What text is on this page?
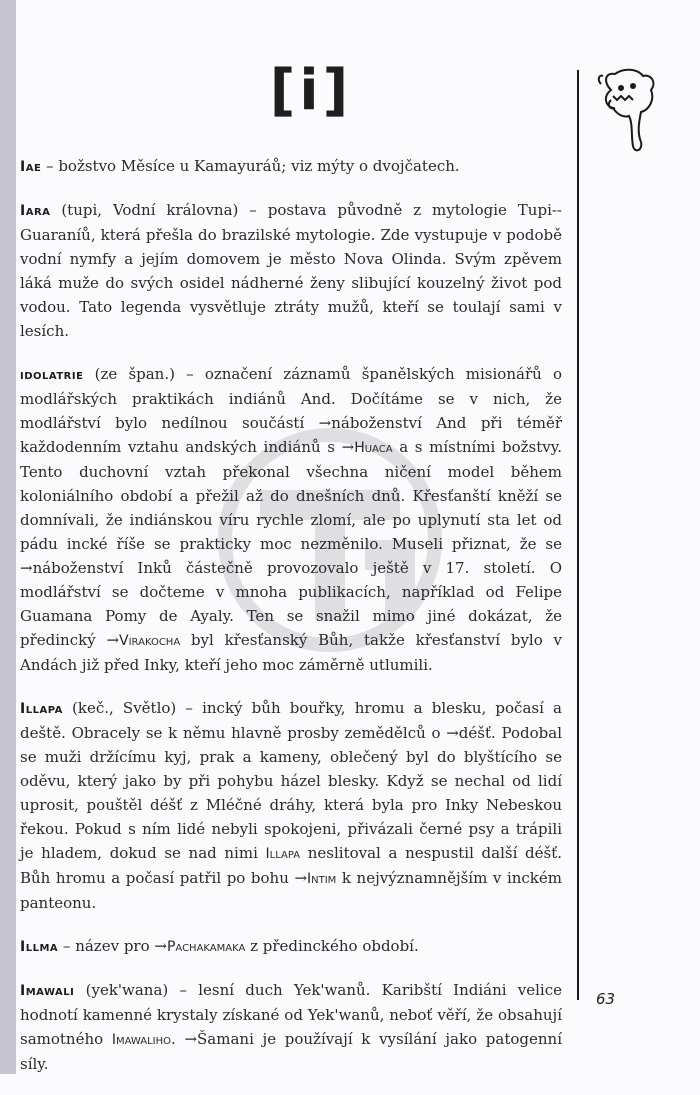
[i]

Iae – božstvo Měsíce u Kamayuráů; viz mýty o dvojčatech.

Iara (tupi, Vodní královna) – postava původně z mytologie Tupi--Guaraníů, která přešla do brazilské mytologie. Zde vystupuje v podobě vodní nymfy a jejím domovem je město Nova Olinda. Svým zpěvem láká muže do svých osidel nádherné ženy slibující kouzelný život pod vodou. Tato legenda vysvětluje ztráty mužů, kteří se toulají sami v lesích.

idolatrie (ze špan.) – označení záznamů španělských misionářů o modlářských praktikách indiánů And. Dočítáme se v nich, že modlářství bylo nedílnou součástí →náboženství And při téměř každodenním vztahu andských indiánů s →Huaca a s místními božstvy. Tento duchovní vztah překonal všechna ničení model během koloniálního období a přežil až do dnešních dnů. Křesťanští kněží se domnívali, že indiánskou víru rychle zlomí, ale po uplynutí sta let od pádu incké říše se prakticky moc nezměnilo. Museli přiznat, že se →náboženství Inků částečně provozovalo ještě v 17. století. O modlářství se dočteme v mnoha publikacích, například od Felipe Guamana Pomy de Ayaly. Ten se snažil mimo jiné dokázat, že předincký →Virakocha byl křesťanský Bůh, takže křesťanství bylo v Andách již před Inky, kteří jeho moc záměrně utlumili.

Illapa (keč., Světlo) – incký bůh bouřky, hromu a blesku, počasí a deště. Obracely se k němu hlavně prosby zemědělců o →déšť. Podobal se muži držícímu kyj, prak a kameny, oblečený byl do blyštícího se oděvu, který jako by při pohybu házel blesky. Když se nechal od lidí uprosit, pouštěl déšť z Mléčné dráhy, která byla pro Inky Nebeskou řekou. Pokud s ním lidé nebyli spokojeni, přivázali černé psy a trápili je hladem, dokud se nad nimi Illapa neslitoval a nespustil další déšť. Bůh hromu a počasí patřil po bohu →Intim k nejvýznamnějším v inckém panteonu.

Illma – název pro →Pachakamaka z předinckého období.

Imawali (yek'wana) – lesní duch Yek'wanů. Karibští Indiáni velice hodnotí kamenné krystaly získané od Yek'wanů, neboť věří, že obsahují samotného Imawaliho. →Šamani je používají k vysílání jako patogenní síly.

63
